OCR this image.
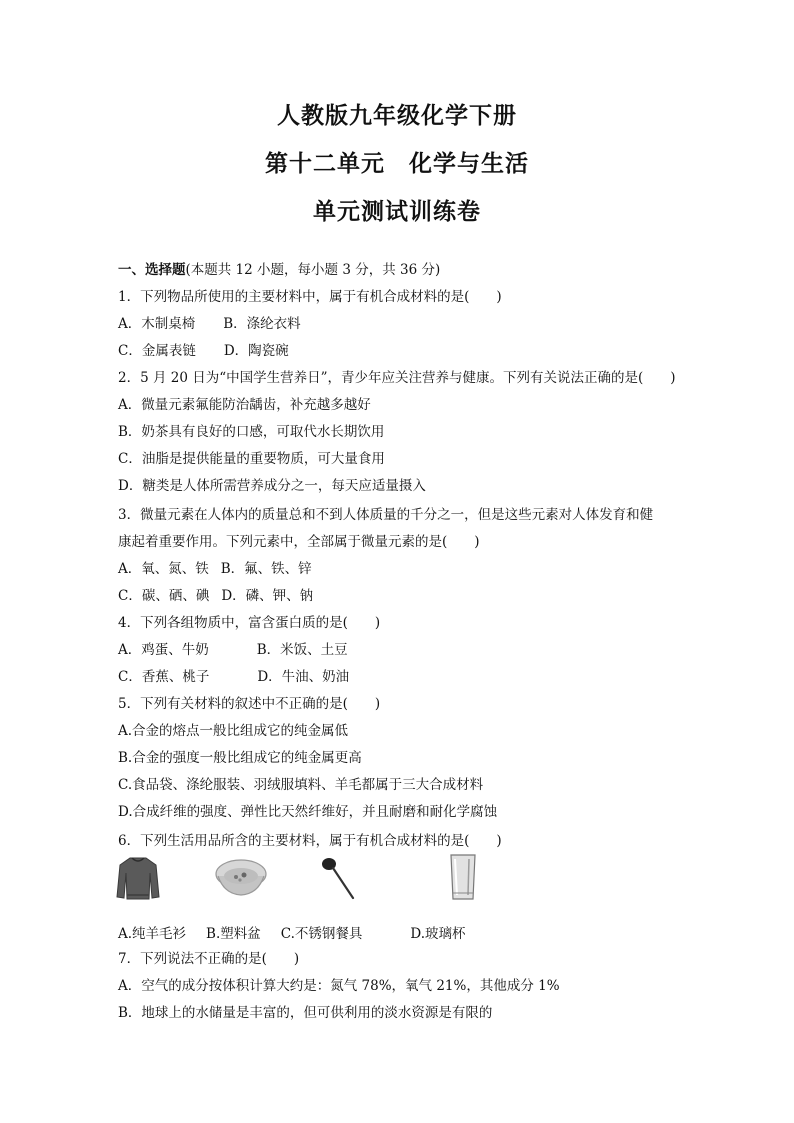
人教版九年级化学下册
第十二单元　化学与生活
单元测试训练卷
一、选择题(本题共 12 小题，每小题 3 分，共 36 分)
1．下列物品所使用的主要材料中，属于有机合成材料的是(　　)
A．木制桌椅 B．涤纶衣料
C．金属表链 D．陶瓷碗
2．5 月 20 日为“中国学生营养日”，青少年应关注营养与健康。下列有关说法正确的是(　　)
A．微量元素氟能防治龋齿，补充越多越好
B．奶茶具有良好的口感，可取代水长期饮用
C．油脂是提供能量的重要物质，可大量食用
D．糖类是人体所需营养成分之一，每天应适量摄入
3．微量元素在人体内的质量总和不到人体质量的千分之一，但是这些元素对人体发育和健
康起着重要作用。下列元素中，全部属于微量元素的是(　　)
A．氧、氮、铁 B．氟、铁、锌
C．碳、硒、碘 D．磷、钾、钠
4．下列各组物质中，富含蛋白质的是(　　)
A．鸡蛋、牛奶	B．米饭、土豆
C．香蕉、桃子	D．牛油、奶油
5．下列有关材料的叙述中不正确的是(　　)
A.合金的熔点一般比组成它的纯金属低
B.合金的强度一般比组成它的纯金属更高
C.食品袋、涤纶服装、羽绒服填料、羊毛都属于三大合成材料
D.合成纤维的强度、弹性比天然纤维好，并且耐磨和耐化学腐蚀
6．下列生活用品所含的主要材料，属于有机合成材料的是(　　)
A.纯羊毛衫 B.塑料盆 C.不锈钢餐具	D.玻璃杯
7．下列说法不正确的是(　　)
A．空气的成分按体积计算大约是：氮气 78%，氧气 21%，其他成分 1%
B．地球上的水储量是丰富的，但可供利用的淡水资源是有限的
